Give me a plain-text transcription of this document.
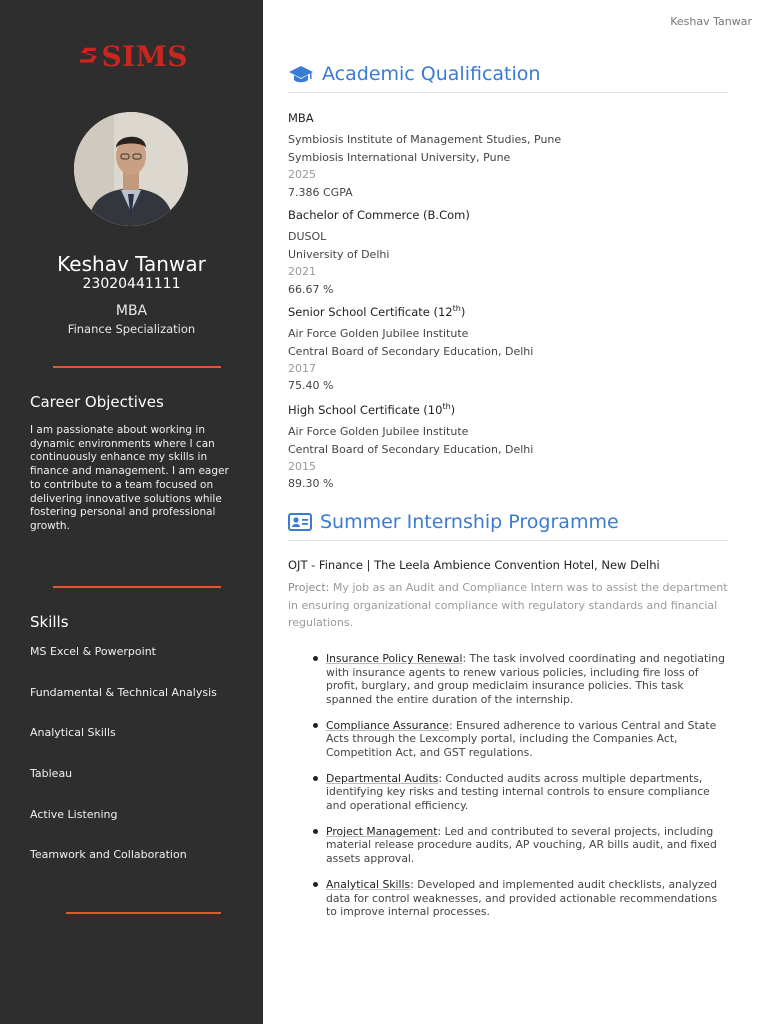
SIMS
Keshav Tanwar
23020441111
MBA
Finance Specialization
Career Objectives
I am passionate about working in dynamic environments where I can continuously enhance my skills in finance and management. I am eager to contribute to a team focused on delivering innovative solutions while fostering personal and professional growth.
Skills
MS Excel & Powerpoint
Fundamental & Technical Analysis
Analytical Skills
Tableau
Active Listening
Teamwork and Collaboration
Keshav Tanwar
Academic Qualification
MBA
Symbiosis Institute of Management Studies, Pune
Symbiosis International University, Pune
2025
7.386 CGPA
Bachelor of Commerce (B.Com)
DUSOL
University of Delhi
2021
66.67 %
Senior School Certificate (12th)
Air Force Golden Jubilee Institute
Central Board of Secondary Education, Delhi
2017
75.40 %
High School Certificate (10th)
Air Force Golden Jubilee Institute
Central Board of Secondary Education, Delhi
2015
89.30 %
Summer Internship Programme
OJT - Finance | The Leela Ambience Convention Hotel, New Delhi
Project: My job as an Audit and Compliance Intern was to assist the department in ensuring organizational compliance with regulatory standards and financial regulations.
Insurance Policy Renewal: The task involved coordinating and negotiating with insurance agents to renew various policies, including fire loss of profit, burglary, and group mediclaim insurance policies. This task spanned the entire duration of the internship.
Compliance Assurance: Ensured adherence to various Central and State Acts through the Lexcomply portal, including the Companies Act, Competition Act, and GST regulations.
Departmental Audits: Conducted audits across multiple departments, identifying key risks and testing internal controls to ensure compliance and operational efficiency.
Project Management: Led and contributed to several projects, including material release procedure audits, AP vouching, AR bills audit, and fixed assets approval.
Analytical Skills: Developed and implemented audit checklists, analyzed data for control weaknesses, and provided actionable recommendations to improve internal processes.
